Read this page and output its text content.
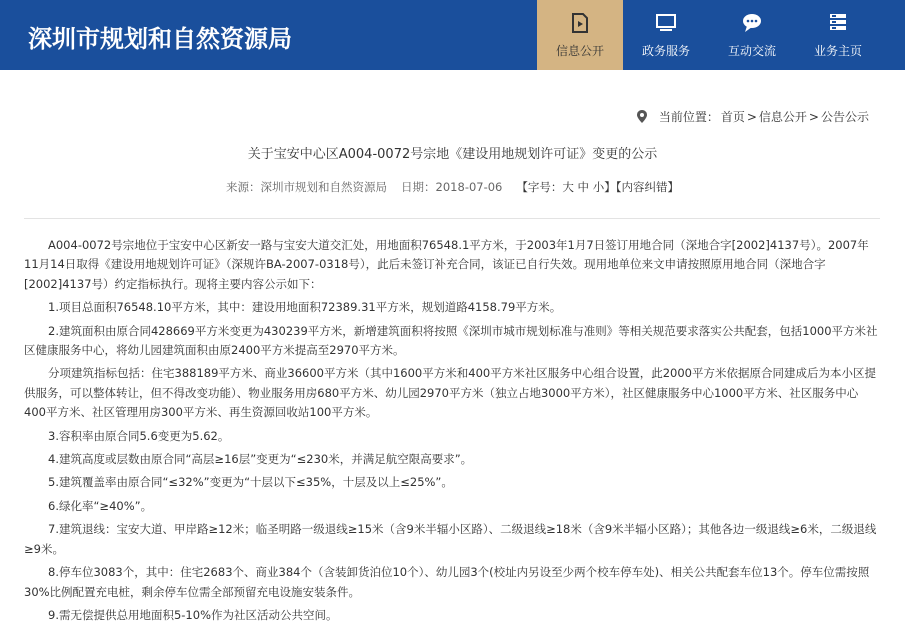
深圳市规划和自然资源局	信息公开	政务服务	互动交流	业务主页
当前位置： 首页 > 信息公开 > 公告公示
关于宝安中心区A004-0072号宗地《建设用地规划许可证》变更的公示
来源：深圳市规划和自然资源局 日期：2018-07-06 【字号：大 中 小】【内容纠错】

A004-0072号宗地位于宝安中心区新安一路与宝安大道交汇处，用地面积76548.1平方米，于2003年1月7日签订用地合同（深地合字[2002]4137号）。2007年11月14日取得《建设用地规划许可证》（深规许BA-2007-0318号），此后未签订补充合同，该证已自行失效。现用地单位来文申请按照原用地合同（深地合字[2002]4137号）约定指标执行。现将主要内容公示如下：

1.项目总面积76548.10平方米，其中：建设用地面积72389.31平方米，规划道路4158.79平方米。

2.建筑面积由原合同428669平方米变更为430239平方米，新增建筑面积将按照《深圳市城市规划标准与准则》等相关规范要求落实公共配套，包括1000平方米社区健康服务中心，将幼儿园建筑面积由原2400平方米提高至2970平方米。

分项建筑指标包括：住宅388189平方米、商业36600平方米（其中1600平方米和400平方米社区服务中心组合设置，此2000平方米依据原合同建成后为本小区提供服务，可以整体转让，但不得改变功能）、物业服务用房680平方米、幼儿园2970平方米（独立占地3000平方米），社区健康服务中心1000平方米、社区服务中心400平方米、社区管理用房300平方米、再生资源回收站100平方米。

3.容积率由原合同5.6变更为5.62。

4.建筑高度或层数由原合同“高层≥16层”变更为“≤230米，并满足航空限高要求”。

5.建筑覆盖率由原合同“≤32%”变更为“十层以下≤35%，十层及以上≤25%”。

6.绿化率“≥40%”。

7.建筑退线：宝安大道、甲岸路≥12米；临圣明路一级退线≥15米（含9米半辐小区路）、二级退线≥18米（含9米半辐小区路）；其他各边一级退线≥6米，二级退线≥9米。

8.停车位3083个，其中：住宅2683个、商业384个（含装卸货泊位10个）、幼儿园3个(校址内另设至少两个校车停车处)、相关公共配套车位13个。停车位需按照30%比例配置充电桩，剩余停车位需全部预留充电设施安装条件。

9.需无偿提供总用地面积5-10%作为社区活动公共空间。
